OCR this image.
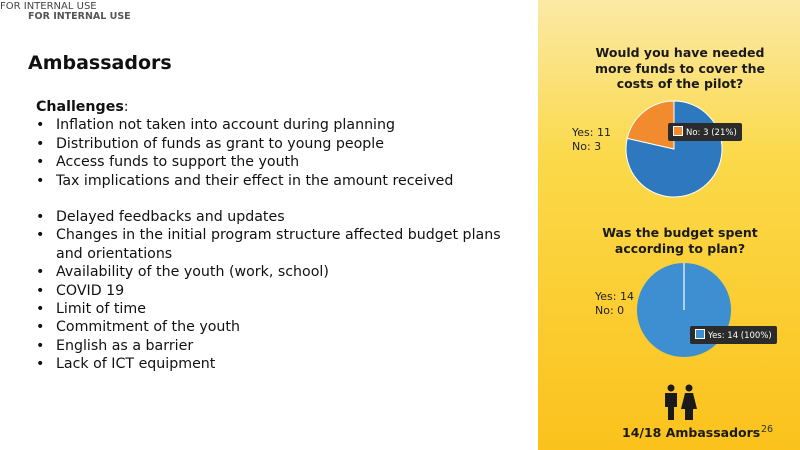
FOR INTERNAL USE
FOR INTERNAL USE
Ambassadors
Challenges:
• Inflation not taken into account during planning
• Distribution of funds as grant to young people
• Access funds to support the youth
• Tax implications and their effect in the amount received
• Delayed feedbacks and updates
• Changes in the initial program structure affected budget plans and orientations
• Availability of the youth (work, school)
• COVID 19
• Limit of time
• Commitment of the youth
• English as a barrier
• Lack of ICT equipment
Would you have needed more funds to cover the costs of the pilot?
Yes: 11
No: 3
No: 3 (21%)
Was the budget spent according to plan?
Yes: 14
No: 0
Yes: 14 (100%)
14/18 Ambassadors 26
